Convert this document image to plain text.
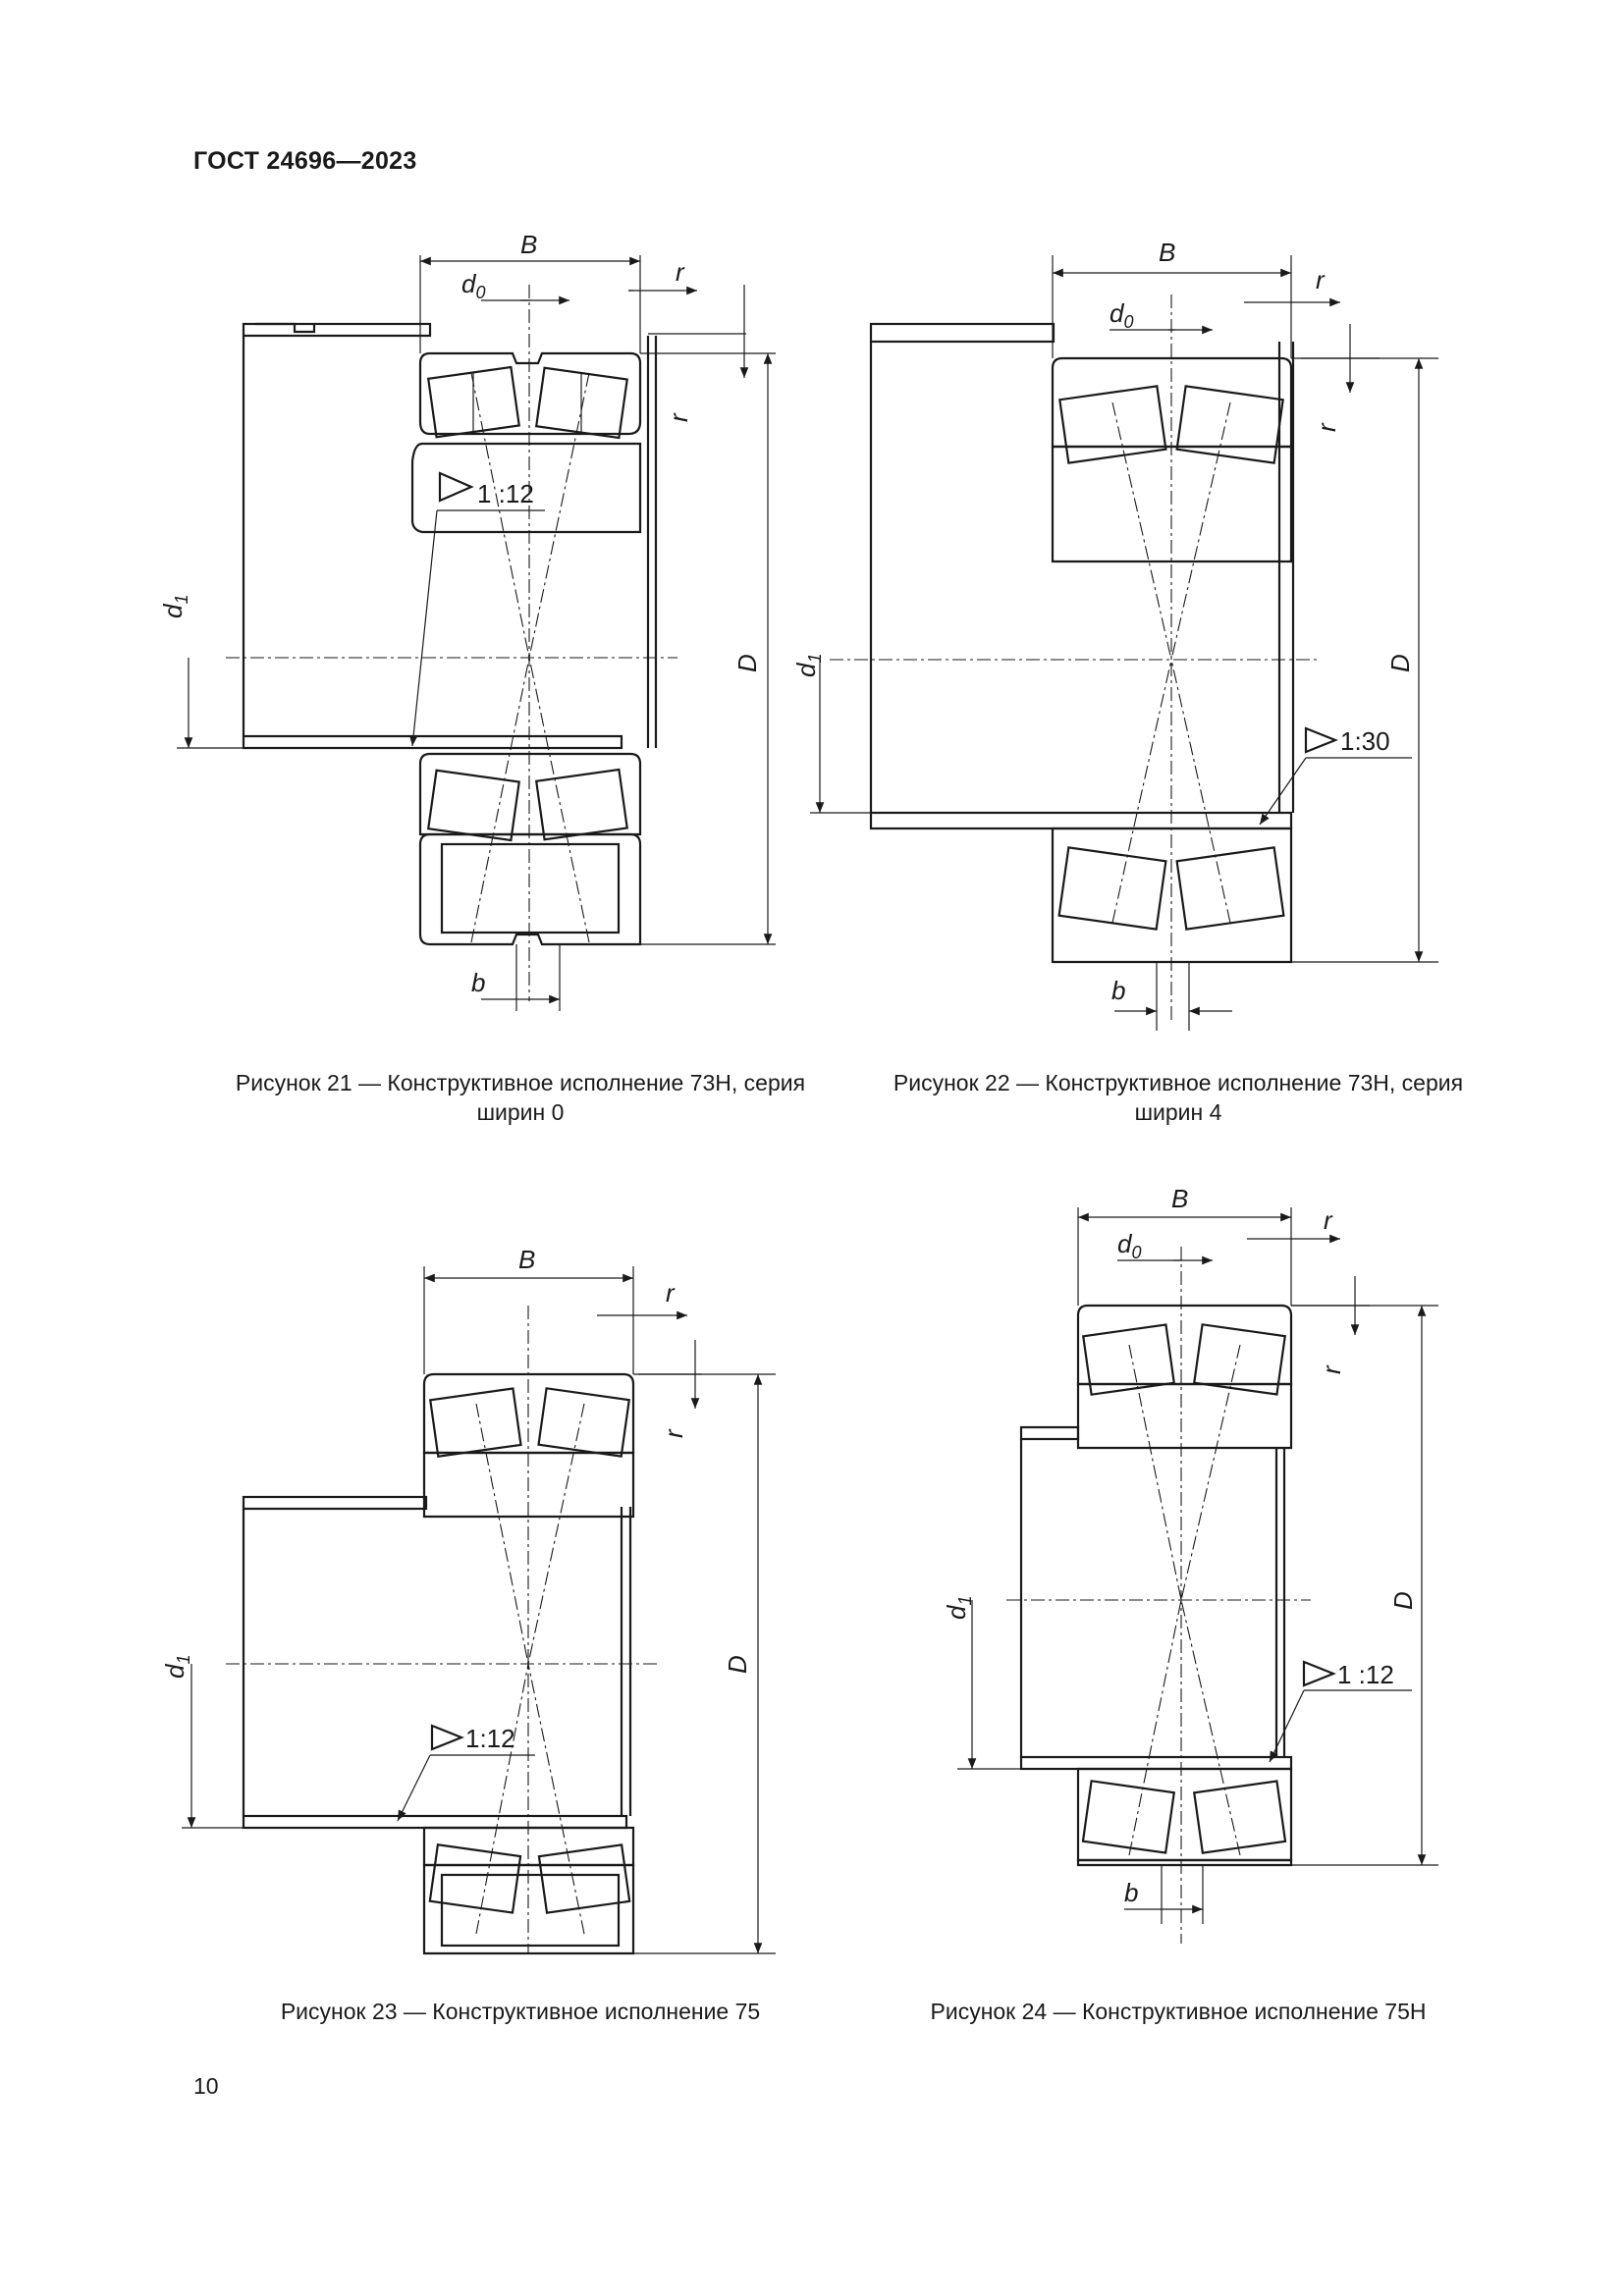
ГОСТ 24696—2023
B
$d_0$
r
r
D
$d_1$
1 :12
b
Рисунок 21 — Конструктивное исполнение 73Н, серия
ширин 0
B
$d_0$
r
r
D
$d_1$
1:30
b
Рисунок 22 — Конструктивное исполнение 73Н, серия
ширин 4
B
r
r
D
$d_1$
1:12
Рисунок 23 — Конструктивное исполнение 75
B
$d_0$
r
r
D
$d_1$
1 :12
b
Рисунок 24 — Конструктивное исполнение 75Н
10
